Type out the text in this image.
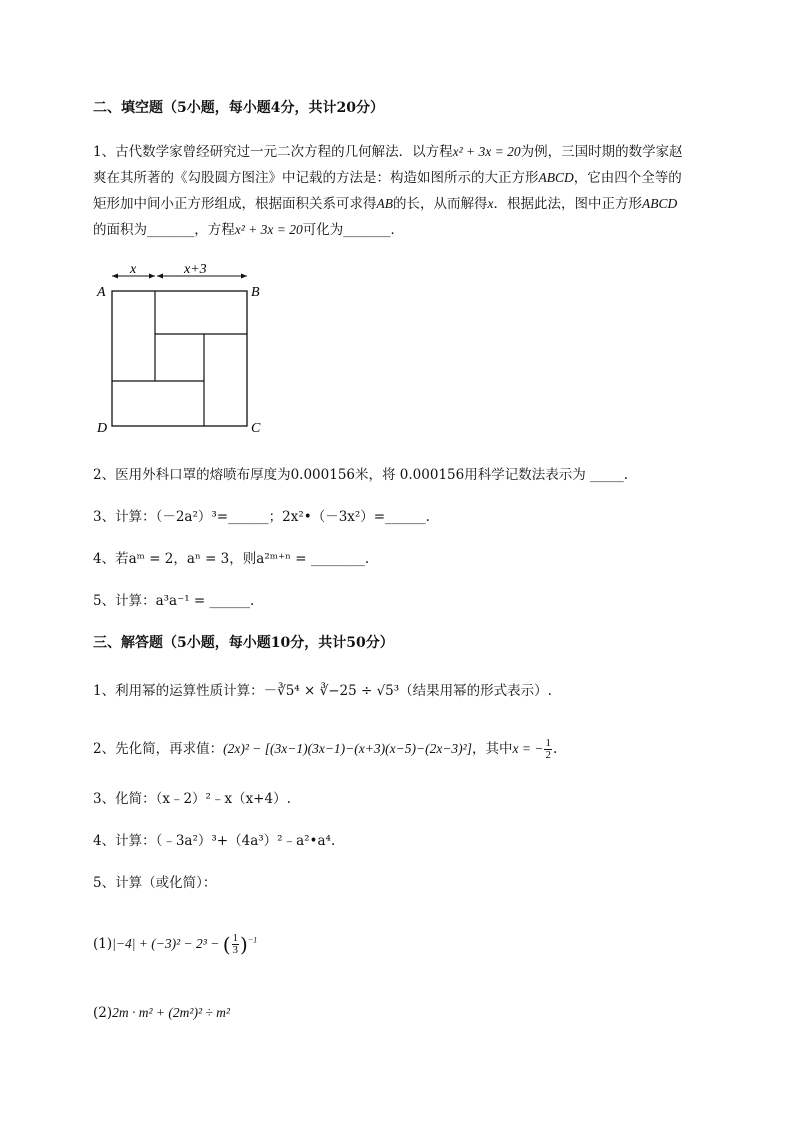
二、填空题（5小题，每小题4分，共计20分）
1、古代数学家曾经研究过一元二次方程的几何解法．以方程x² + 3x = 20为例，三国时期的数学家赵
爽在其所著的《勾股圆方图注》中记载的方法是：构造如图所示的大正方形ABCD，它由四个全等的
矩形加中间小正方形组成，根据面积关系可求得AB的长，从而解得x．根据此法，图中正方形ABCD
的面积为_______，方程x² + 3x = 20可化为_______．
x	x+3
A	B
C
D
2、医用外科口罩的熔喷布厚度为0.000156米，将 0.000156用科学记数法表示为 _____.
3、计算：（－2a²）³=______；2x²•（－3x²）=______.
4、若aᵐ = 2，aⁿ = 3，则a²ᵐ⁺ⁿ = ________.
5、计算：a³a⁻¹ = ______.
三、解答题（5小题，每小题10分，共计50分）
1、利用幂的运算性质计算：－∛5⁴ × ∛−25 ÷ √5³（结果用幂的形式表示）.
2、先化简，再求值：(2x)² − [(3x−1)(3x−1)−(x+3)(x−5)−(2x−3)²]，其中x = − $\frac{1}{2}$ .
3、化简：（x﹣2）²﹣x（x+4）.
4、计算：（﹣3a²）³+（4a³）²﹣a²•a⁴.
5、计算（或化简）：
(1)|−4| + (−3)² − 2³ − ( $\frac{1}{3} )^{-1}$
(2)2m · m² + (2m²)² ÷ m²
